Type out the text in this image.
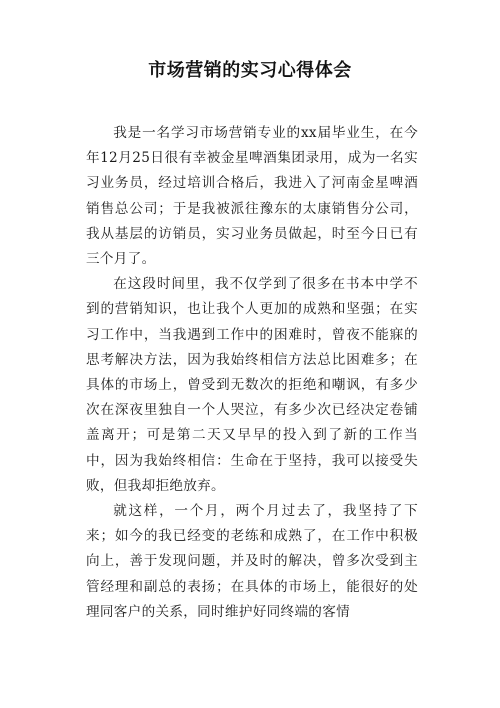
市场营销的实习心得体会

我是一名学习市场营销专业的xx届毕业生，在今年12月25日很有幸被金星啤酒集团录用，成为一名实习业务员，经过培训合格后，我进入了河南金星啤酒销售总公司；于是我被派往豫东的太康销售分公司，我从基层的访销员，实习业务员做起，时至今日已有三个月了。

在这段时间里，我不仅学到了很多在书本中学不到的营销知识，也让我个人更加的成熟和坚强；在实习工作中，当我遇到工作中的困难时，曾夜不能寐的思考解决方法，因为我始终相信方法总比困难多；在具体的市场上，曾受到无数次的拒绝和嘲讽，有多少次在深夜里独自一个人哭泣，有多少次已经决定卷铺盖离开；可是第二天又早早的投入到了新的工作当中，因为我始终相信：生命在于坚持，我可以接受失败，但我却拒绝放弃。

就这样，一个月，两个月过去了，我坚持了下来；如今的我已经变的老练和成熟了，在工作中积极向上，善于发现问题，并及时的解决，曾多次受到主管经理和副总的表扬；在具体的市场上，能很好的处理同客户的关系，同时维护好同终端的客情
